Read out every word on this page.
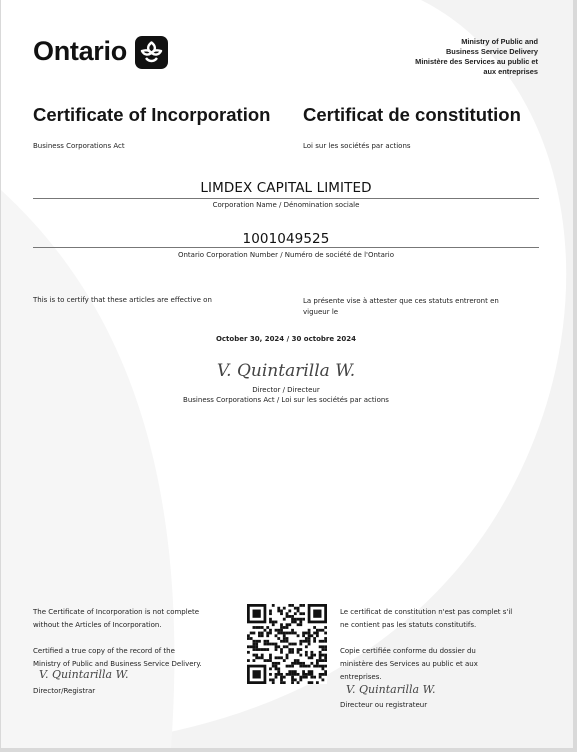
Ontario	Ministry of Public and
Business Service Delivery
Ministère des Services au public et
aux entreprises
Certificate of Incorporation Certificat de constitution
Business Corporations Act	Loi sur les sociétés par actions
LIMDEX CAPITAL LIMITED
Corporation Name / Dénomination sociale
1001049525
Ontario Corporation Number / Numéro de société de l'Ontario
This is to certify that these articles are effective on	La présente vise à attester que ces statuts entreront en
vigueur le
October 30, 2024 / 30 octobre 2024
V. Quintarilla W.
Director / Directeur
Business Corporations Act / Loi sur les sociétés par actions
The Certificate of Incorporation is not complete
without the Articles of Incorporation.
Certified a true copy of the record of the
Ministry of Public and Business Service Delivery.
V. Quintarilla W.
Director/Registrar
Le certificat de constitution n'est pas complet s'il
ne contient pas les statuts constitutifs.
Copie certifiée conforme du dossier du
ministère des Services au public et aux
entreprises.
V. Quintarilla W.
Directeur ou registrateur
